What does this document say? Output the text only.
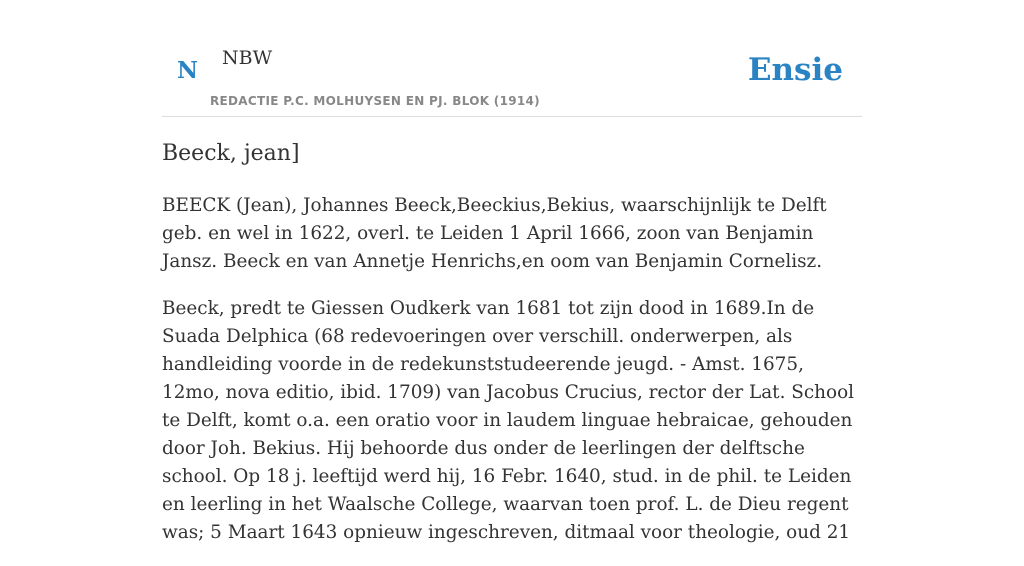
N NBW
REDACTIE P.C. MOLHUYSEN EN PJ. BLOK (1914)
Ensie
Beeck, jean]

BEECK (Jean), Johannes Beeck,Beeckius,Bekius, waarschijnlijk te Delft geb. en wel in 1622, overl. te Leiden 1 April 1666, zoon van Benjamin Jansz. Beeck en van Annetje Henrichs,en oom van Benjamin Cornelisz.

Beeck, predt te Giessen Oudkerk van 1681 tot zijn dood in 1689.In de Suada Delphica (68 redevoeringen over verschill. onderwerpen, als handleiding voorde in de redekunststudeerende jeugd. - Amst. 1675, 12mo, nova editio, ibid. 1709) van Jacobus Crucius, rector der Lat. School te Delft, komt o.a. een oratio voor in laudem linguae hebraicae, gehouden door Joh. Bekius. Hij behoorde dus onder de leerlingen der delftsche school. Op 18 j. leeftijd werd hij, 16 Febr. 1640, stud. in de phil. te Leiden en leerling in het Waalsche College, waarvan toen prof. L. de Dieu regent was; 5 Maart 1643 opnieuw ingeschreven, ditmaal voor theologie, oud 21
